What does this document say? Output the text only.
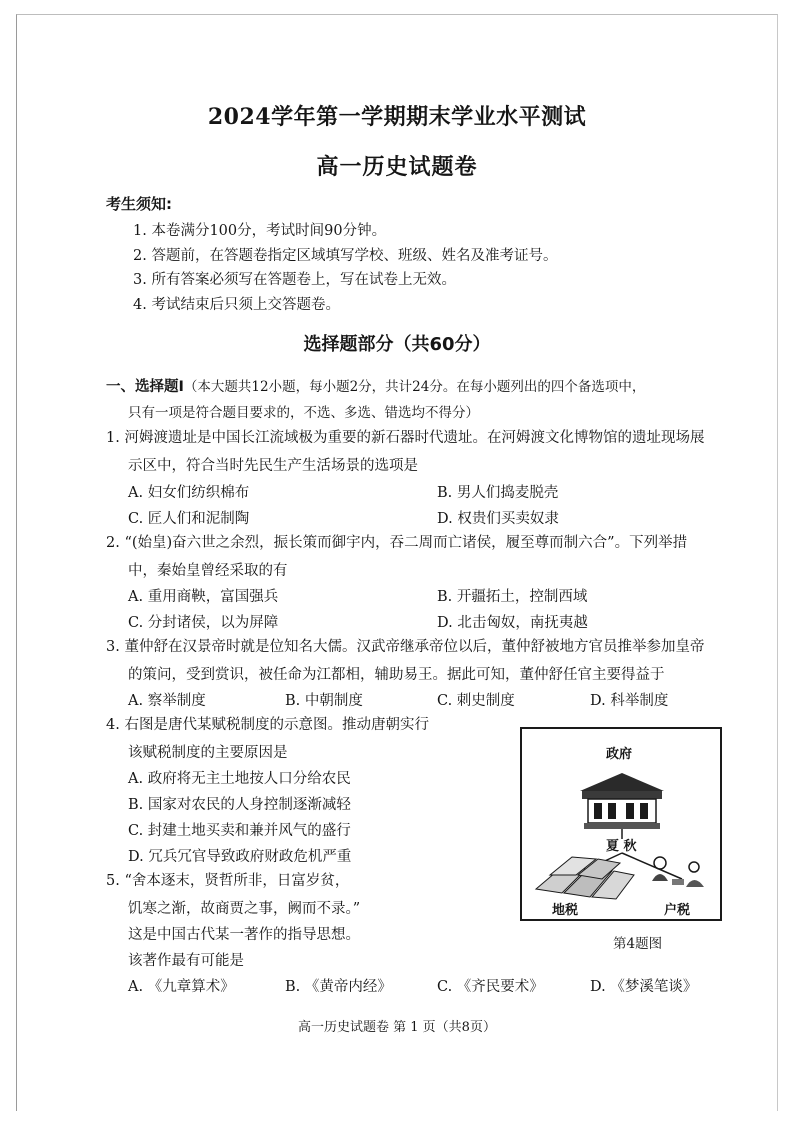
2024学年第一学期期末学业水平测试
高一历史试题卷
考生须知:
1. 本卷满分100分，考试时间90分钟。
2. 答题前，在答题卷指定区域填写学校、班级、姓名及准考证号。
3. 所有答案必须写在答题卷上，写在试卷上无效。
4. 考试结束后只须上交答题卷。
选择题部分（共60分）
一、选择题Ⅰ（本大题共12小题，每小题2分，共计24分。在每小题列出的四个备选项中，
只有一项是符合题目要求的，不选、多选、错选均不得分）
1. 河姆渡遗址是中国长江流域极为重要的新石器时代遗址。在河姆渡文化博物馆的遗址现场展
示区中，符合当时先民生产生活场景的选项是
A. 妇女们纺织棉布	B. 男人们捣麦脱壳
C. 匠人们和泥制陶	D. 权贵们买卖奴隶
2. “(始皇)奋六世之余烈，振长策而御宇内，吞二周而亡诸侯，履至尊而制六合”。下列举措
中，秦始皇曾经采取的有
A. 重用商鞅，富国强兵	B. 开疆拓土，控制西域
C. 分封诸侯，以为屏障	D. 北击匈奴，南抚夷越
3. 董仲舒在汉景帝时就是位知名大儒。汉武帝继承帝位以后，董仲舒被地方官员推举参加皇帝
的策问，受到赏识，被任命为江都相，辅助易王。据此可知，董仲舒任官主要得益于
A. 察举制度	B. 中朝制度	C. 刺史制度	D. 科举制度
4. 右图是唐代某赋税制度的示意图。推动唐朝实行
该赋税制度的主要原因是
A. 政府将无主土地按人口分给农民
B. 国家对农民的人身控制逐渐减轻
C. 封建土地买卖和兼并风气的盛行
D. 冗兵冗官导致政府财政危机严重
政府
夏 秋
地税	户税
第4题图
5. “舍本逐末，贤哲所非，日富岁贫，
饥寒之渐，故商贾之事，阙而不录。”
这是中国古代某一著作的指导思想。
该著作最有可能是
A. 《九章算术》	B. 《黄帝内经》	C. 《齐民要术》	D. 《梦溪笔谈》
高一历史试题卷 第 1 页（共8页）
